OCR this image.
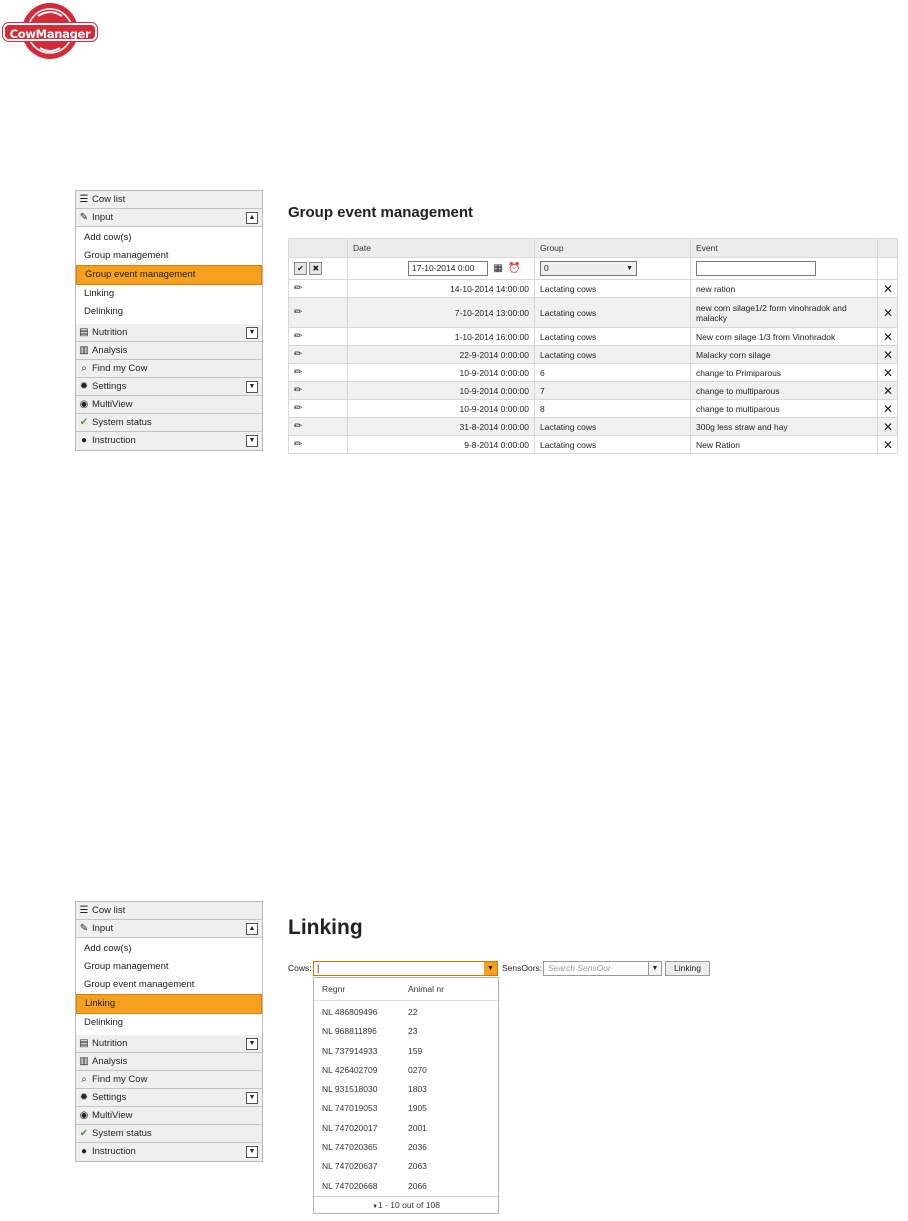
CowManager
☰ Cow list
✎ Input	▲
Add cow(s)
Group management
Group event management
Linking
Delinking
▤ Nutrition	▼
▥ Analysis
⌕ Find my Cow
✹ Settings	▼
◉ MultiView
✔ System status
● Instruction	▼
Group event management
	Date	Group	Event	
✔ ✖	17-10-2014 0:00 ▦ ⏰	0 ▼		

✏	14-10-2014 14:00:00	Lactating cows	new ration	✕
✏	7-10-2014 13:00:00	Lactating cows	new corn silage1/2 form vinohradok and malacky	✕
✏	1-10-2014 16:00:00	Lactating cows	New corn silage 1/3 from Vinohradok	✕
✏	22-9-2014 0:00:00	Lactating cows	Malacky corn silage	✕
✏	10-9-2014 0:00:00	6	change to Primiparous	✕
✏	10-9-2014 0:00:00	7	change to multiparous	✕
✏	10-9-2014 0:00:00	8	change to multiparous	✕
✏	31-8-2014 0:00:00	Lactating cows	300g less straw and hay	✕
✏	9-8-2014 0:00:00	Lactating cows	New Ration	✕
☰ Cow list
✎ Input	▲
Add cow(s)
Group management
Group event management
Linking
Delinking
▤ Nutrition	▼
▥ Analysis
⌕ Find my Cow
✹ Settings	▼
◉ MultiView
✔ System status
● Instruction	▼
Linking
Cows: |	▼ SensOors: Search SensOor	▼	Linking
Regnr	Animal nr
NL 486809496	22
NL 968811896	23
NL 737914933	159
NL 426402709	0270
NL 931518030	1803
NL 747019053	1905
NL 747020017	2001
NL 747020365	2036
NL 747020637	2063
NL 747020668	2066
▼1 - 10 out of 108
